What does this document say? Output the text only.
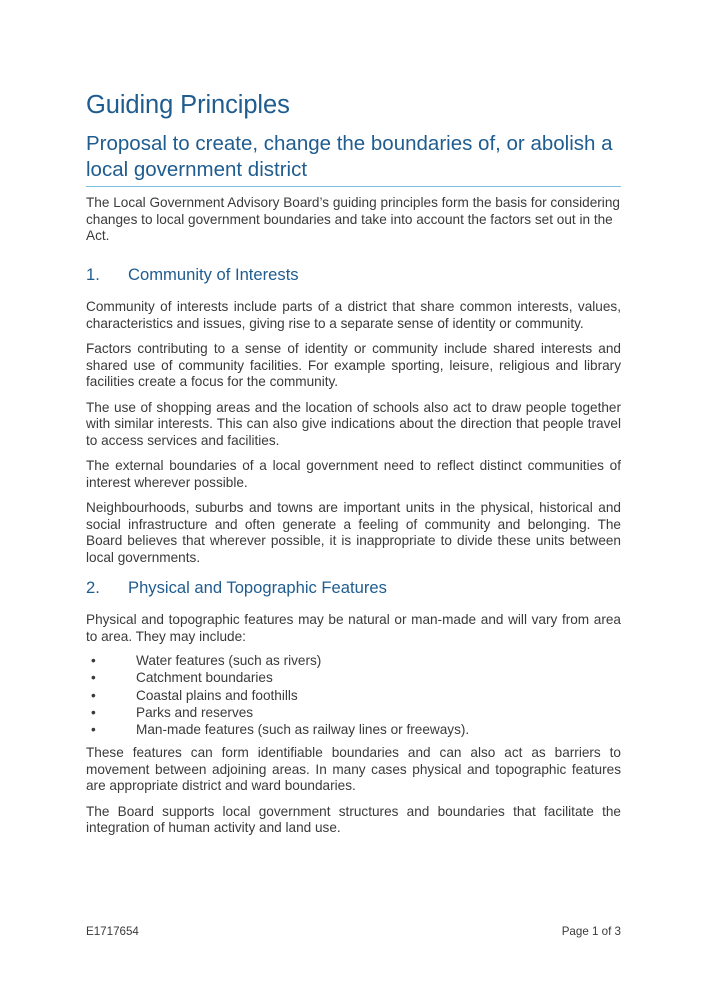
Guiding Principles
Proposal to create, change the boundaries of, or abolish a local government district

The Local Government Advisory Board’s guiding principles form the basis for considering changes to local government boundaries and take into account the factors set out in the Act.

1. Community of Interests

Community of interests include parts of a district that share common interests, values, characteristics and issues, giving rise to a separate sense of identity or community.

Factors contributing to a sense of identity or community include shared interests and shared use of community facilities. For example sporting, leisure, religious and library facilities create a focus for the community.

The use of shopping areas and the location of schools also act to draw people together with similar interests. This can also give indications about the direction that people travel to access services and facilities.

The external boundaries of a local government need to reflect distinct communities of interest wherever possible.

Neighbourhoods, suburbs and towns are important units in the physical, historical and social infrastructure and often generate a feeling of community and belonging. The Board believes that wherever possible, it is inappropriate to divide these units between local governments.

2. Physical and Topographic Features

Physical and topographic features may be natural or man-made and will vary from area to area. They may include:

•	Water features (such as rivers)
•	Catchment boundaries
•	Coastal plains and foothills
•	Parks and reserves
•	Man-made features (such as railway lines or freeways).

These features can form identifiable boundaries and can also act as barriers to movement between adjoining areas. In many cases physical and topographic features are appropriate district and ward boundaries.

The Board supports local government structures and boundaries that facilitate the integration of human activity and land use.

E1717654	Page 1 of 3
